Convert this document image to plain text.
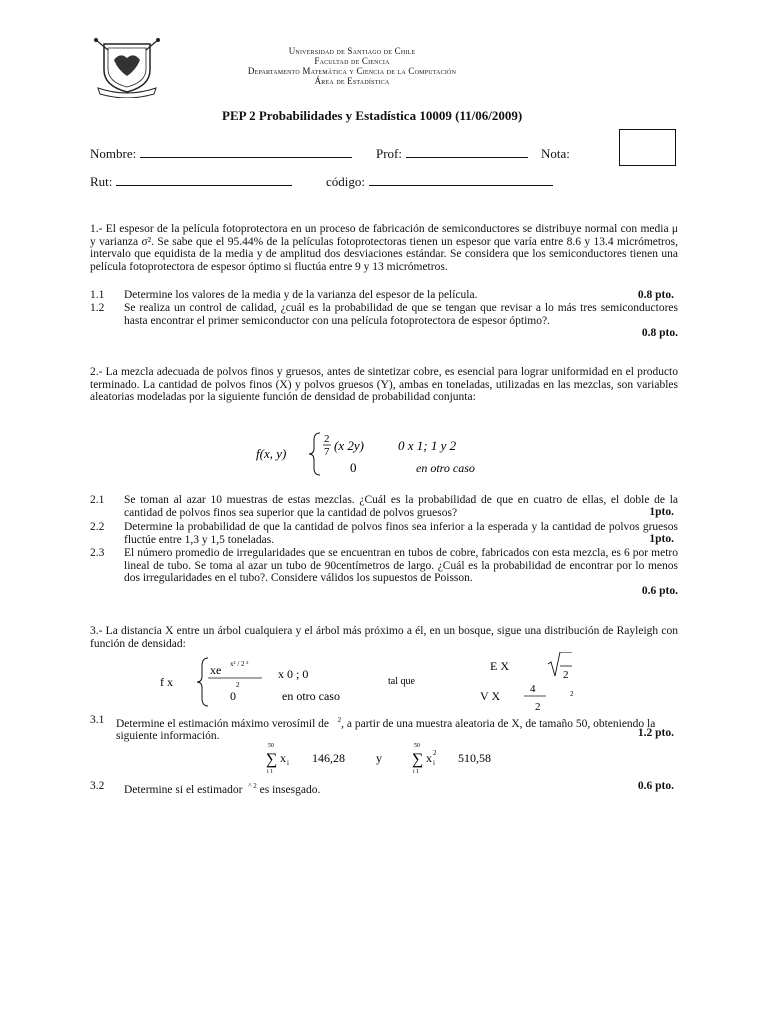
Universidad de Santiago de Chile
Facultad de Ciencia
Departamento Matemática y Ciencia de la Computación
Área de Estadística
PEP 2 Probabilidades y Estadística 10009 (11/06/2009)
Nombre:	Prof:	Nota:
Rut:	código:
1.- El espesor de la película fotoprotectora en un proceso de fabricación de semiconductores se distribuye normal con media μ y varianza σ². Se sabe que el 95.44% de la películas fotoprotectoras tienen un espesor que varía entre 8.6 y 13.4 micrómetros, intervalo que equidista de la media y de amplitud dos desviaciones estándar. Se considera que los semiconductores tienen una película fotoprotectora de espesor óptimo si fluctúa entre 9 y 13 micrómetros.
1.1 Determine los valores de la media y de la varianza del espesor de la película.	0.8 pto.
1.2 Se realiza un control de calidad, ¿cuál es la probabilidad de que se tengan que revisar a lo más tres semiconductores hasta encontrar el primer semiconductor con una película fotoprotectora de espesor óptimo?.
0.8 pto.
2.- La mezcla adecuada de polvos finos y gruesos, antes de sintetizar cobre, es esencial para lograr uniformidad en el producto terminado. La cantidad de polvos finos (X) y polvos gruesos (Y), ambas en toneladas, utilizadas en las mezclas, son variables aleatorias modeladas por la siguiente función de densidad de probabilidad conjunta:
f(x, y)
2
7 (x 2y)	0 x 1; 1 y 2
0	en otro caso
2.1 Se toman al azar 10 muestras de estas mezclas. ¿Cuál es la probabilidad de que en cuatro de ellas, el doble de la cantidad de polvos finos sea superior que la cantidad de polvos gruesos?	1pto.
2.2 Determine la probabilidad de que la cantidad de polvos finos sea inferior a la esperada y la cantidad de polvos gruesos fluctúe entre 1,3 y 1,5 toneladas.	1pto.
2.3 El número promedio de irregularidades que se encuentran en tubos de cobre, fabricados con esta mezcla, es 6 por metro lineal de tubo. Se toma al azar un tubo de 90centímetros de largo. ¿Cuál es la probabilidad de encontrar por lo menos dos irregularidades en el tubo?. Considere válidos los supuestos de Poisson.
0.6 pto.
3.- La distancia X entre un árbol cualquiera y el árbol más próximo a él, en un bosque, sigue una distribución de Rayleigh con función de densidad:
f x
xe x² / 2 ²
2
x 0 ; 0
0	en otro caso
tal que
E X
2
V X	4
2
2
3.1 Determine el estimación máximo verosímil de $^2$, a partir de una muestra aleatoria de X, de tamaño 50, obteniendo la siguiente información.	1.2 pto.
50
∑
i 1
x i 146,28	y
50
∑
i 1
x i
2 510,58
3.2 Determine si el estimador $^{\^{} 2}$ es insesgado.	0.6 pto.
